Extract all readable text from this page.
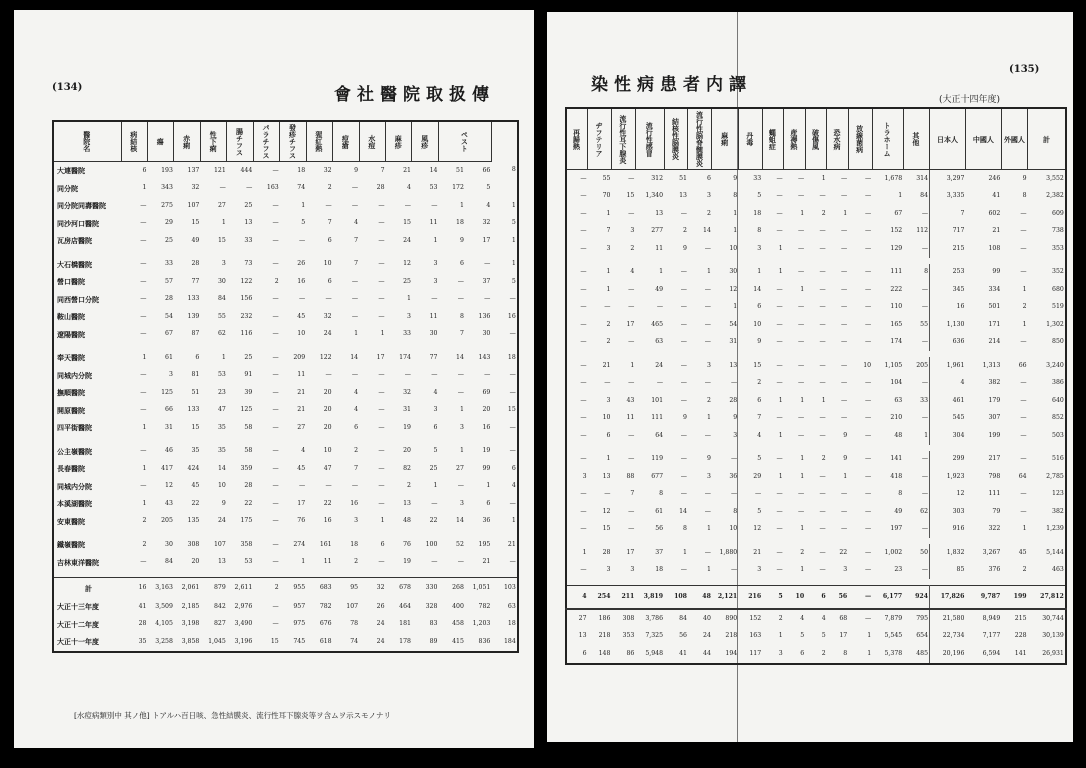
(134)	會社醫院取扱傳
醫院名	病結核	瘍	赤痢	性下痢	腸チフス	パラチフス	發疹チフス	猩紅熱	痘瘡	水痘	麻疹	風疹	ペスト		
大連醫院	6	193	137	121	444	—	18	32	9	7	21	14	51	66	8
同分院	1	343	32	—	—	163	74	2	—	28	4	53	172	5	
同分院同壽醫院	—	275	107	27	25	—	1	—	—	—	—	—	1	4	1
同沙河口醫院	—	29	15	1	13	—	5	7	4	—	15	11	18	32	5
瓦房店醫院	—	25	49	15	33	—	—	6	7	—	24	1	9	17	1

大石橋醫院	—	33	28	3	73	—	26	10	7	—	12	3	6	—	1
營口醫院	—	57	77	30	122	2	16	6	—	—	25	3	—	37	5
同西營口分院	—	28	133	84	156	—	—	—	—	—	1	—	—	—	—
鞍山醫院	—	54	139	55	232	—	45	32	—	—	3	11	8	136	16
遼陽醫院	—	67	87	62	116	—	10	24	1	1	33	30	7	30	—

奉天醫院	1	61	6	1	25	—	209	122	14	17	174	77	14	143	18
同城内分院	—	3	81	53	91	—	11	—	—	—	—	—	—	—	—
撫順醫院	—	125	51	23	39	—	21	20	4	—	32	4	—	69	—
開原醫院	—	66	133	47	125	—	21	20	4	—	31	3	1	20	15
四平街醫院	1	31	15	35	58	—	27	20	6	—	19	6	3	16	—

公主嶺醫院	—	46	35	35	58	—	4	10	2	—	20	5	1	19	—
長春醫院	1	417	424	14	359	—	45	47	7	—	82	25	27	99	6
同城内分院	—	12	45	10	28	—	—	—	—	—	2	1	—	1	4
本溪湖醫院	1	43	22	9	22	—	17	22	16	—	13	—	3	6	—
安東醫院	2	205	135	24	175	—	76	16	3	1	48	22	14	36	1

鐵嶺醫院	2	30	308	107	358	—	274	161	18	6	76	100	52	195	21
吉林東洋醫院	—	84	20	13	53	—	1	11	2	—	19	—	—	21	—

計	16	3,163	2,061	879	2,611	2	955	683	95	32	678	330	268	1,051	103
大正十三年度	41	3,509	2,185	842	2,976	—	957	782	107	26	464	328	400	782	63
大正十二年度	28	4,105	3,198	827	3,490	—	975	676	78	24	181	83	458	1,203	18
大正十一年度	35	3,258	3,858	1,045	3,196	15	745	618	74	24	178	89	415	836	184
[水痘病類別中 其ノ他] トアルハ百日咳、急性結膜炎、流行性耳下腺炎等ヲ含ムヲ示スモノナリ
染性病患者内譯
(135)
(大正十四年度)
再歸熱	ヂフテリア	流行性耳下腺炎	流行性感冒	結核性脳膜炎	流行性脳脊髄膜炎	麻痢	丹毒	蠅蛆症	産褥熱	破傷風	恐水病	放線菌病	トラホーム	其他	日本人	中國人	外國人	計
—	55	—	312	51	6	9	33	—	—	1	—	—	1,678	314	3,297	246	9	3,552
—	70	15	1,340	13	3	8	5	—	—	—	—	—	1	84	3,335	41	8	2,382
—	1	—	13	—	2	1	18	—	1	2	1	—	67	—	7	602	—	609
—	7	3	277	2	14	1	8	—	—	—	—	—	152	112	717	21	—	738
—	3	2	11	9	—	10	3	1	—	—	—	—	129	—	215	108	—	353

—	1	4	1	—	1	30	1	1	—	—	—	—	111	8	253	99	—	352
—	1	—	49	—	—	12	14	—	1	—	—	—	222	—	345	334	1	680
—	—	—	—	—	—	1	6	—	—	—	—	—	110	—	16	501	2	519
—	2	17	465	—	—	54	10	—	—	—	—	—	165	55	1,130	171	1	1,302
—	2	—	63	—	—	31	9	—	—	—	—	—	174	—	636	214	—	850

—	21	1	24	—	3	13	15	—	—	—	—	10	1,105	205	1,961	1,313	66	3,240
—	—	—	—	—	—	—	2	—	—	—	—	—	104	—	4	382	—	386
—	3	43	101	—	2	28	6	1	1	1	—	—	63	33	461	179	—	640
—	10	11	111	9	1	9	7	—	—	—	—	—	210	—	545	307	—	852
—	6	—	64	—	—	3	4	1	—	—	9	—	48	1	304	199	—	503

—	1	—	119	—	9	—	5	—	1	2	9	—	141	—	299	217	—	516
3	13	88	677	—	3	36	29	1	1	—	1	—	418	—	1,923	798	64	2,785
—	—	7	8	—	—	—	—	—	—	—	—	—	8	—	12	111	—	123
—	12	—	61	14	—	8	5	—	—	—	—	—	49	62	303	79	—	382
—	15	—	56	8	1	10	12	—	1	—	—	—	197	—	916	322	1	1,239

1	28	17	37	1	—	1,880	21	—	2	—	22	—	1,002	50	1,832	3,267	45	5,144
—	3	3	18	—	1	—	3	—	1	—	3	—	23	—	85	376	2	463

4	254	211	3,819	108	48	2,121	216	5	10	6	56	—	6,177	924	17,826	9,787	199	27,812
27	186	308	3,786	84	40	890	152	2	4	4	68	—	7,879	795	21,580	8,949	215	30,744
13	218	353	7,325	56	24	218	163	1	5	5	17	1	5,545	654	22,734	7,177	228	30,139
6	148	86	5,948	41	44	194	117	3	6	2	8	1	5,378	485	20,196	6,594	141	26,931
